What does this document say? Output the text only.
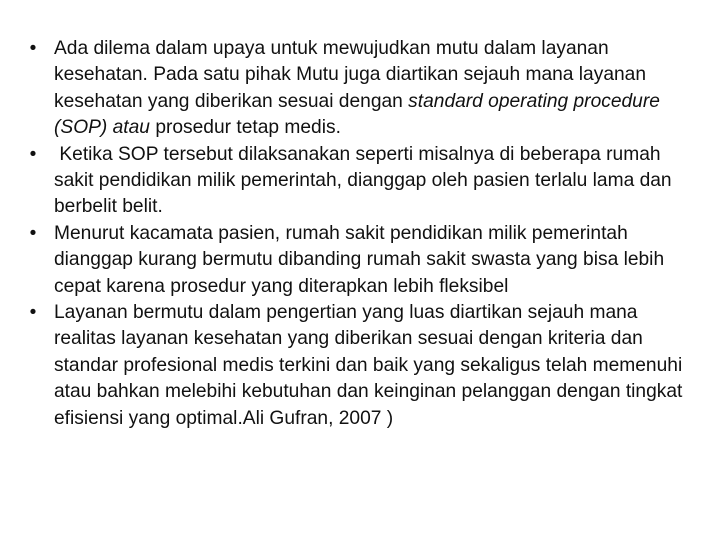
• Ada dilema dalam upaya untuk mewujudkan mutu dalam layanan kesehatan. Pada satu pihak Mutu juga diartikan sejauh mana layanan kesehatan yang diberikan sesuai dengan standard operating procedure (SOP) atau prosedur tetap medis.
• Ketika SOP tersebut dilaksanakan seperti misalnya di beberapa rumah sakit pendidikan milik pemerintah, dianggap oleh pasien terlalu lama dan berbelit belit.
• Menurut kacamata pasien, rumah sakit pendidikan milik pemerintah dianggap kurang bermutu dibanding rumah sakit swasta yang bisa lebih cepat karena prosedur yang diterapkan lebih fleksibel
• Layanan bermutu dalam pengertian yang luas diartikan sejauh mana realitas layanan kesehatan yang diberikan sesuai dengan kriteria dan standar profesional medis terkini dan baik yang sekaligus telah memenuhi atau bahkan melebihi kebutuhan dan keinginan pelanggan dengan tingkat efisiensi yang optimal.Ali Gufran, 2007 )
